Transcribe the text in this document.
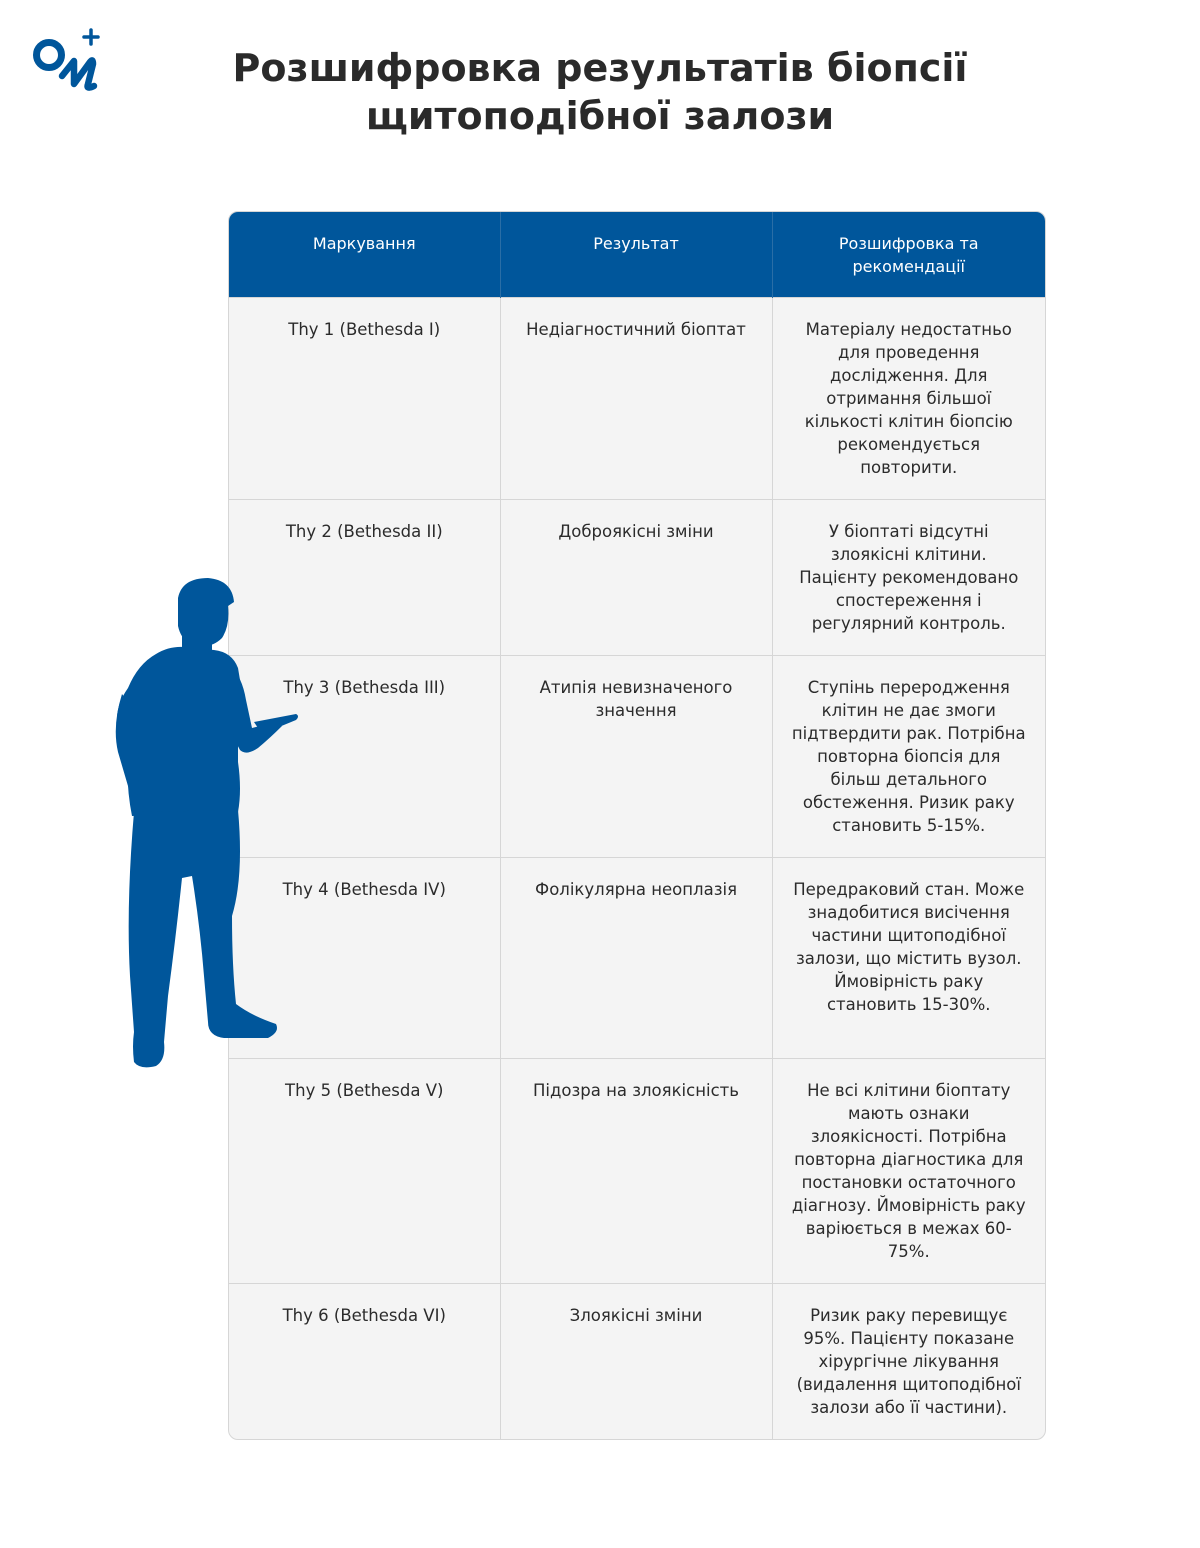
Розшифровка результатів біопсії
щитоподібної залози
Маркування	Результат	Розшифровка та рекомендації
Thy 1 (Bethesda I)	Недіагностичний біоптат	Матеріалу недостатньо для проведення дослідження. Для отримання більшої кількості клітин біопсію рекомендується повторити.
Thy 2 (Bethesda II)	Доброякісні зміни	У біоптаті відсутні злоякісні клітини. Пацієнту рекомендовано спостереження і регулярний контроль.
Thy 3 (Bethesda III)	Атипія невизначеного значення	Ступінь переродження клітин не дає змоги підтвердити рак. Потрібна повторна біопсія для більш детального обстеження. Ризик раку становить 5-15%.
Thy 4 (Bethesda IV)	Фолікулярна неоплазія	Передраковий стан. Може знадобитися висічення частини щитоподібної залози, що містить вузол. Ймовірність раку становить 15-30%.
Thy 5 (Bethesda V)	Підозра на злоякісність	Не всі клітини біоптату мають ознаки злоякісності. Потрібна повторна діагностика для постановки остаточного діагнозу. Ймовірність раку варіюється в межах 60-75%.
Thy 6 (Bethesda VI)	Злоякісні зміни	Ризик раку перевищує 95%. Пацієнту показане хірургічне лікування (видалення щитоподібної залози або її частини).
